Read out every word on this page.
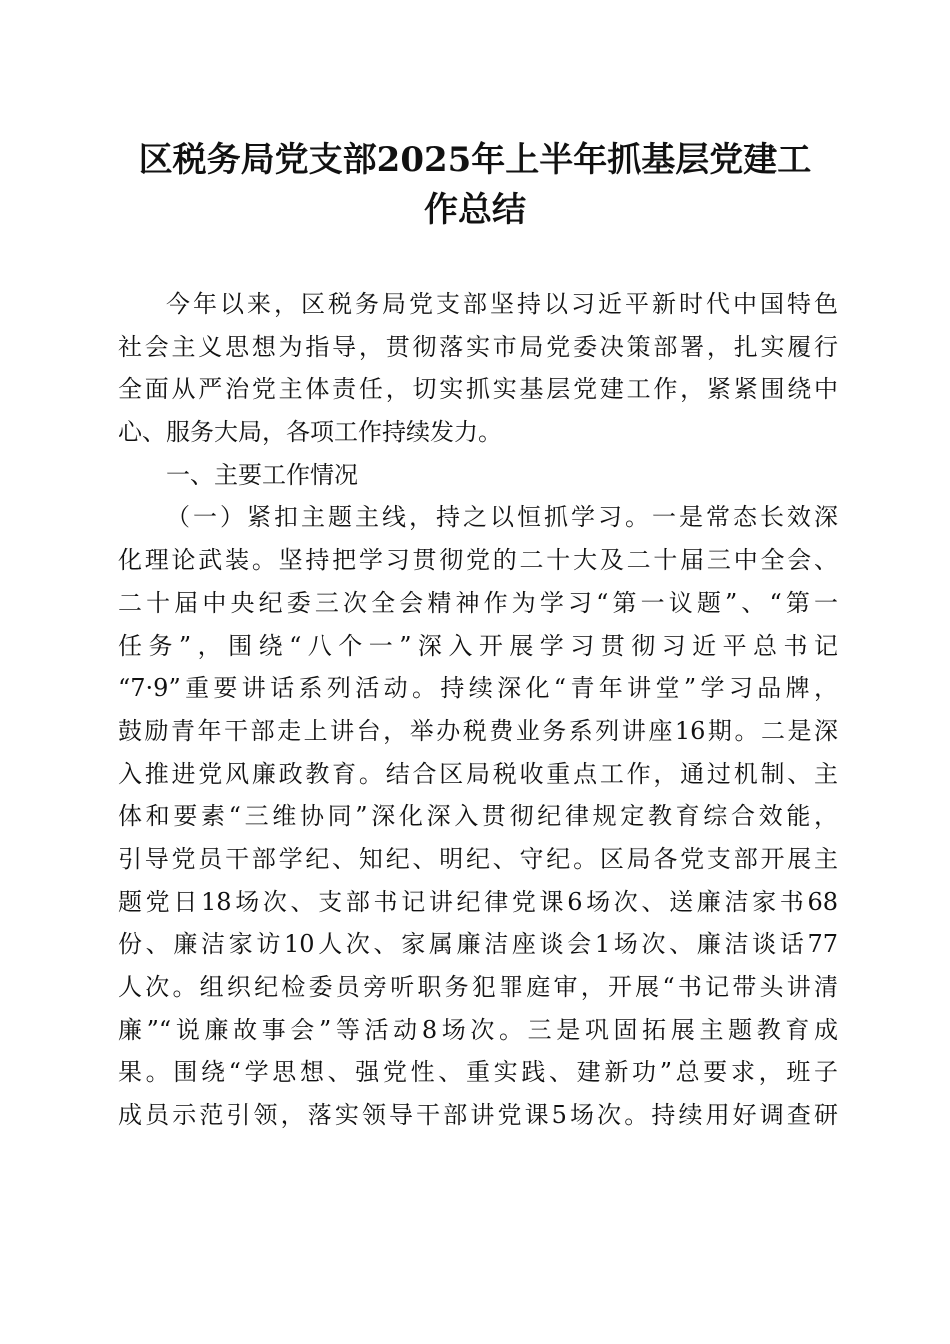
区税务局党支部2025年上半年抓基层党建工
作总结
今年以来，区税务局党支部坚持以习近平新时代中国特色
社会主义思想为指导，贯彻落实市局党委决策部署，扎实履行
全面从严治党主体责任，切实抓实基层党建工作，紧紧围绕中
心、服务大局，各项工作持续发力。
一、主要工作情况
（一）紧扣主题主线，持之以恒抓学习。一是常态长效深
化理论武装。坚持把学习贯彻党的二十大及二十届三中全会、
二十届中央纪委三次全会精神作为学习“第一议题”、“第一
任务”，围绕“八个一”深入开展学习贯彻习近平总书记
“7·9”重要讲话系列活动。持续深化“青年讲堂”学习品牌，
鼓励青年干部走上讲台，举办税费业务系列讲座16期。二是深
入推进党风廉政教育。结合区局税收重点工作，通过机制、主
体和要素“三维协同”深化深入贯彻纪律规定教育综合效能，
引导党员干部学纪、知纪、明纪、守纪。区局各党支部开展主
题党日18场次、支部书记讲纪律党课6场次、送廉洁家书68
份、廉洁家访10人次、家属廉洁座谈会1场次、廉洁谈话77
人次。组织纪检委员旁听职务犯罪庭审，开展“书记带头讲清
廉”“说廉故事会”等活动8场次。三是巩固拓展主题教育成
果。围绕“学思想、强党性、重实践、建新功”总要求，班子
成员示范引领，落实领导干部讲党课5场次。持续用好调查研
